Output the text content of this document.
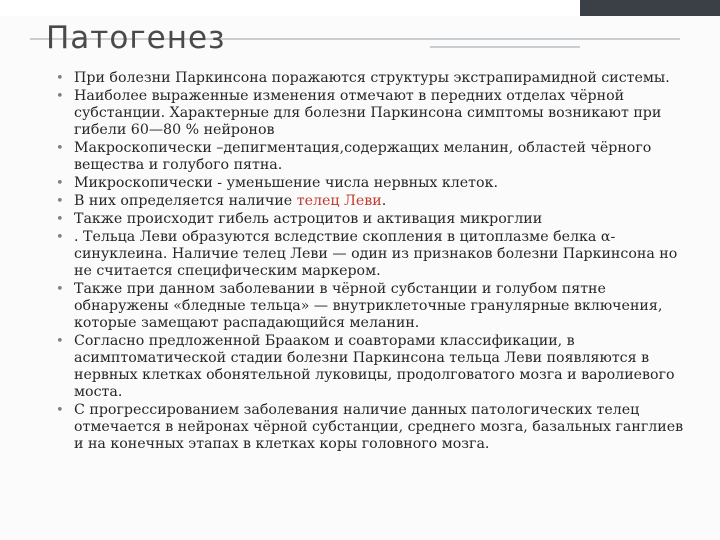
Патогенез
• При болезни Паркинсона поражаются структуры экстрапирамидной системы.
• Наиболее выраженные изменения отмечают в передних отделах чёрной субстанции. Характерные для болезни Паркинсона симптомы возникают при гибели 60—80 % нейронов
• Макроскопически –депигментация,содержащих меланин, областей чёрного вещества и голубого пятна.
• Микроскопически - уменьшение числа нервных клеток.
• В них определяется наличие телец Леви.
• Также происходит гибель астроцитов и активация микроглии
• . Тельца Леви образуются вследствие скопления в цитоплазме белка α-синуклеина. Наличие телец Леви — один из признаков болезни Паркинсона но не считается специфическим маркером.
• Также при данном заболевании в чёрной субстанции и голубом пятне обнаружены «бледные тельца» — внутриклеточные гранулярные включения, которые замещают распадающийся меланин.
• Согласно предложенной Брааком и соавторами классификации, в асимптоматической стадии болезни Паркинсона тельца Леви появляются в нервных клетках обонятельной луковицы, продолговатого мозга и варолиевого моста.
• С прогрессированием заболевания наличие данных патологических телец отмечается в нейронах чёрной субстанции, среднего мозга, базальных ганглиев и на конечных этапах в клетках коры головного мозга.
